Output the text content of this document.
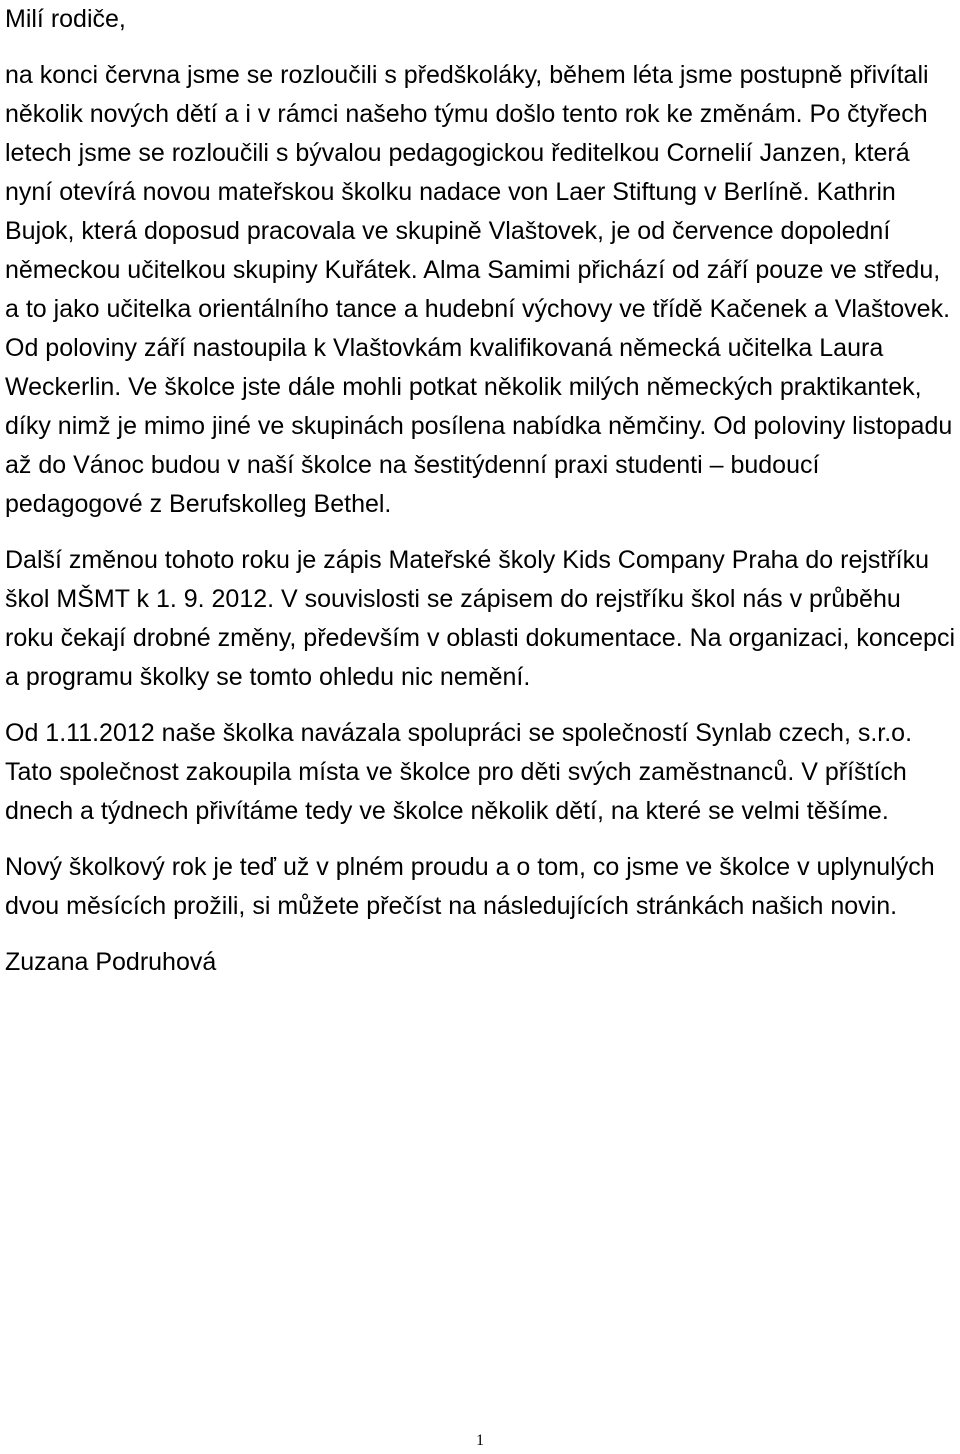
Milí rodiče,

na konci června jsme se rozloučili s předškoláky, během léta jsme postupně přivítali několik nových dětí a i v rámci našeho týmu došlo tento rok ke změnám. Po čtyřech letech jsme se rozloučili s bývalou pedagogickou ředitelkou Cornelií Janzen, která nyní otevírá novou mateřskou školku nadace von Laer Stiftung v Berlíně. Kathrin Bujok, která doposud pracovala ve skupině Vlaštovek, je od července dopolední německou učitelkou skupiny Kuřátek. Alma Samimi přichází od září pouze ve středu, a to jako učitelka orientálního tance a hudební výchovy ve třídě Kačenek a Vlaštovek. Od poloviny září nastoupila k Vlaštovkám kvalifikovaná německá učitelka Laura Weckerlin. Ve školce jste dále mohli potkat několik milých německých praktikantek, díky nimž je mimo jiné ve skupinách posílena nabídka němčiny. Od poloviny listopadu až do Vánoc budou v naší školce na šestitýdenní praxi studenti – budoucí pedagogové z Berufskolleg Bethel.

Další změnou tohoto roku je zápis Mateřské školy Kids Company Praha do rejstříku škol MŠMT k 1. 9. 2012. V souvislosti se zápisem do rejstříku škol nás v průběhu roku čekají drobné změny, především v oblasti dokumentace. Na organizaci, koncepci a programu školky se tomto ohledu nic nemění.

Od 1.11.2012 naše školka navázala spolupráci se společností Synlab czech, s.r.o. Tato společnost zakoupila místa ve školce pro děti svých zaměstnanců. V příštích dnech a týdnech přivítáme tedy ve školce několik dětí, na které se velmi těšíme.

Nový školkový rok je teď už v plném proudu a o tom, co jsme ve školce v uplynulých dvou měsících prožili, si můžete přečíst na následujících stránkách našich novin.

Zuzana Podruhová

1
